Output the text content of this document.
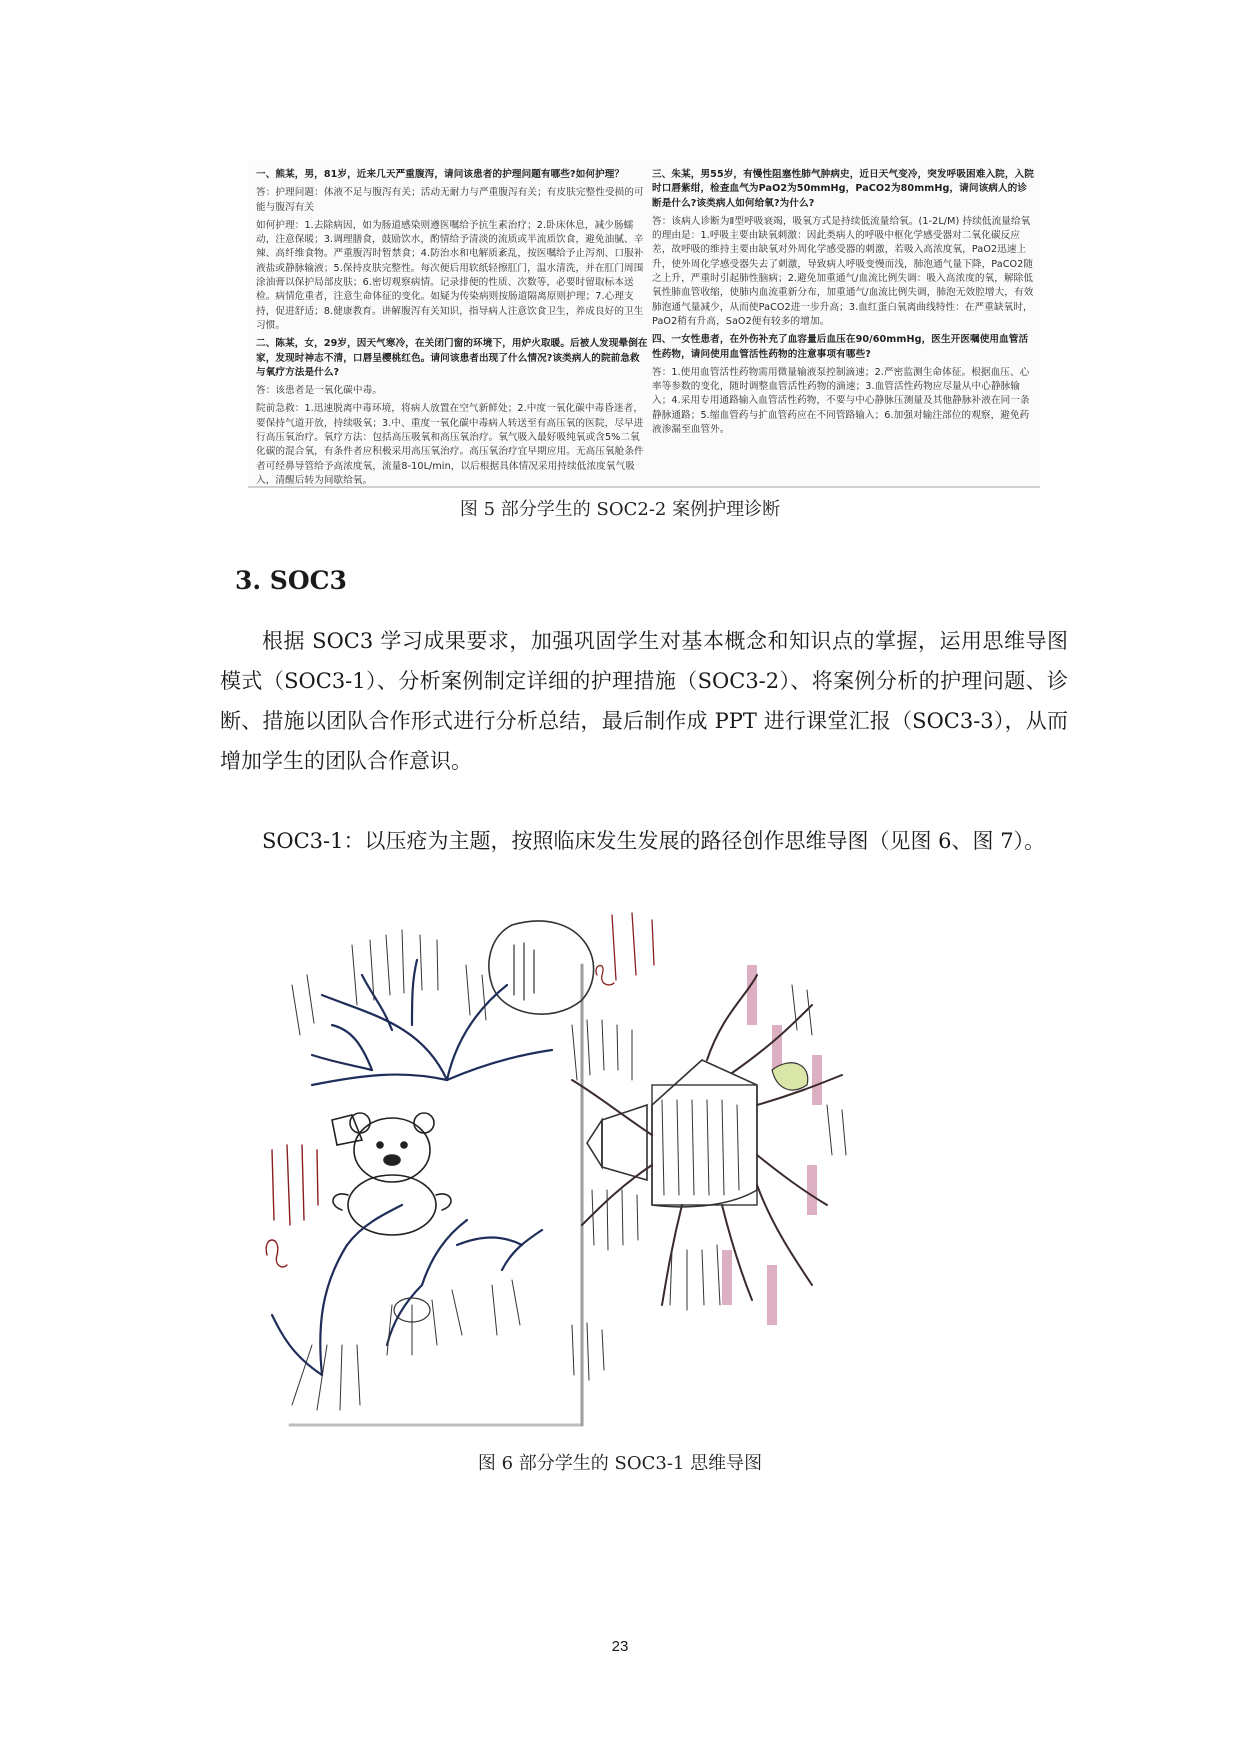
一、熊某，男，81岁，近来几天严重腹泻，请问该患者的护理问题有哪些?如何护理？

答：护理问题：体液不足与腹泻有关；活动无耐力与严重腹泻有关；有皮肤完整性受损的可能与腹泻有关

如何护理：1.去除病因，如为肠道感染则遵医嘱给予抗生素治疗；2.卧床休息，减少肠蠕动，注意保暖；3.调理膳食，鼓励饮水，酌情给予清淡的流质或半流质饮食，避免油腻、辛辣、高纤维食物。严重腹泻时暂禁食；4.防治水和电解质紊乱，按医嘱给予止泻剂、口服补液盐或静脉输液；5.保持皮肤完整性。每次便后用软纸轻擦肛门，温水清洗，并在肛门周围涂油膏以保护局部皮肤；6.密切观察病情。记录排便的性质、次数等，必要时留取标本送检。病情危重者，注意生命体征的变化。如疑为传染病则按肠道隔离原则护理；7.心理支持，促进舒适；8.健康教育。讲解腹泻有关知识，指导病人注意饮食卫生，养成良好的卫生习惯。

二、陈某，女，29岁，因天气寒冷，在关闭门窗的环境下，用炉火取暖。后被人发现晕倒在家，发现时神志不清，口唇呈樱桃红色。请问该患者出现了什么情况?该类病人的院前急救与氧疗方法是什么?

答：该患者是一氧化碳中毒。

院前急救：1.迅速脱离中毒环境，将病人放置在空气新鲜处；2.中度一氧化碳中毒昏迷者，要保持气道开放，持续吸氧；3.中、重度一氧化碳中毒病人转送至有高压氧的医院，尽早进行高压氧治疗。氧疗方法：包括高压吸氧和高压氧治疗。氧气吸入最好吸纯氧或含5%二氧化碳的混合氧，有条件者应积极采用高压氧治疗。高压氧治疗宜早期应用。无高压氧舱条件者可经鼻导管给予高浓度氧，流量8-10L/min，以后根据具体情况采用持续低浓度氧气吸入，清醒后转为间歇给氧。

三、朱某，男55岁，有慢性阻塞性肺气肿病史，近日天气变冷，突发呼吸困难入院，入院时口唇紫绀，检查血气为PaO2为50mmHg，PaCO2为80mmHg，请问该病人的诊断是什么?该类病人如何给氧?为什么?

答：该病人诊断为Ⅱ型呼吸衰竭，吸氧方式是持续低流量给氧。(1-2L/M) 持续低流量给氧的理由是：1.呼吸主要由缺氧刺激：因此类病人的呼吸中枢化学感受器对二氧化碳反应差，故呼吸的维持主要由缺氧对外周化学感受器的刺激，若吸入高浓度氧，PaO2迅速上升，使外周化学感受器失去了刺激，导致病人呼吸变慢而浅，肺泡通气量下降，PaCO2随之上升，严重时引起肺性脑病；2.避免加重通气/血流比例失调：吸入高浓度的氧，解除低氧性肺血管收缩，使肺内血流重新分布，加重通气/血流比例失调，肺泡无效腔增大，有效肺泡通气量减少，从而使PaCO2进一步升高；3.血红蛋白氧离曲线特性：在严重缺氧时，PaO2稍有升高，SaO2便有较多的增加。

四、一女性患者，在外伤补充了血容量后血压在90/60mmHg，医生开医嘱使用血管活性药物，请问使用血管活性药物的注意事项有哪些?

答：1.使用血管活性药物需用微量输液泵控制滴速；2.严密监测生命体征。根据血压、心率等参数的变化，随时调整血管活性药物的滴速；3.血管活性药物应尽量从中心静脉输入；4.采用专用通路输入血管活性药物，不要与中心静脉压测量及其他静脉补液在同一条静脉通路；5.缩血管药与扩血管药应在不同管路输入；6.加强对输注部位的观察，避免药液渗漏至血管外。

图 5 部分学生的 SOC2-2 案例护理诊断
3. SOC3
根据 SOC3 学习成果要求，加强巩固学生对基本概念和知识点的掌握，运用思维导图模式（SOC3-1）、分析案例制定详细的护理措施（SOC3-2）、将案例分析的护理问题、诊断、措施以团队合作形式进行分析总结，最后制作成 PPT 进行课堂汇报（SOC3-3），从而增加学生的团队合作意识。
SOC3-1：以压疮为主题，按照临床发生发展的路径创作思维导图（见图 6、图 7）。
图 6 部分学生的 SOC3-1 思维导图
23
